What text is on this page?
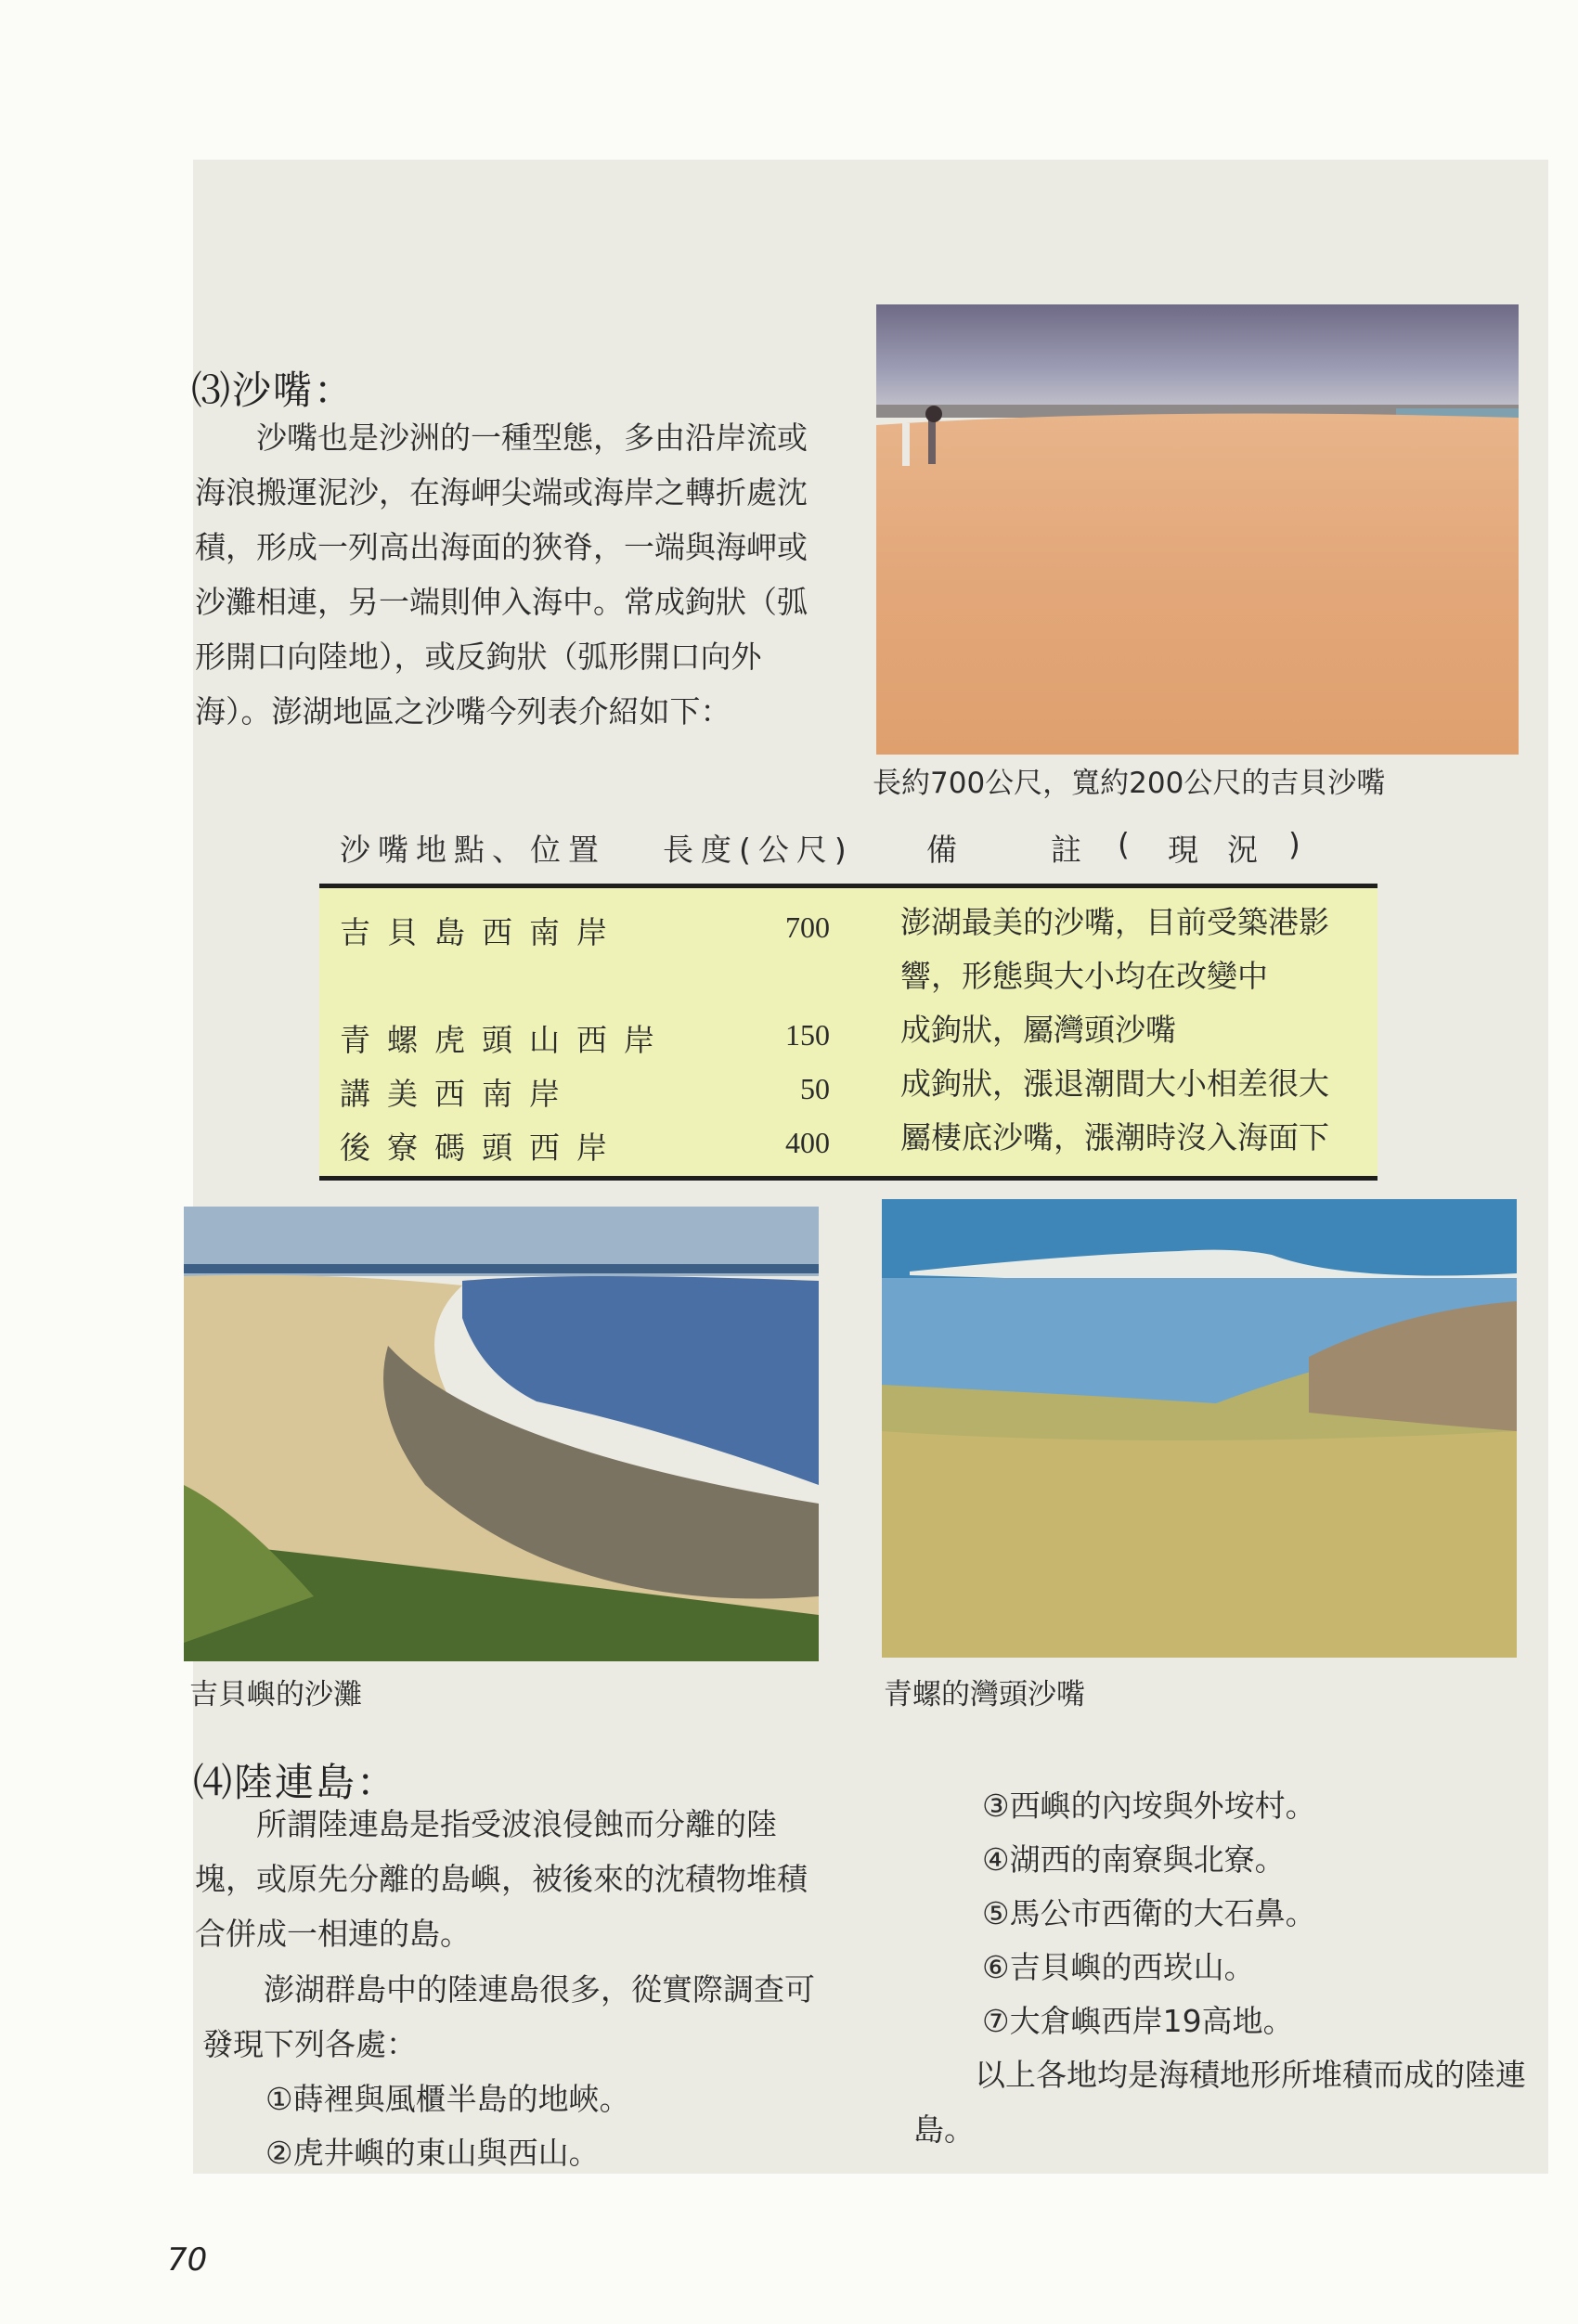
⑶沙嘴：
　　沙嘴也是沙洲的一種型態，多由沿岸流或海浪搬運泥沙，在海岬尖端或海岸之轉折處沈積，形成一列高出海面的狹脊，一端與海岬或沙灘相連，另一端則伸入海中。常成鉤狀（弧形開口向陸地），或反鉤狀（弧形開口向外海）。澎湖地區之沙嘴今列表介紹如下：
長約700公尺，寬約200公尺的吉貝沙嘴
沙嘴地點、位置 長度(公尺) 備	註 ( 現 況 )
吉貝島西南岸	700 澎湖最美的沙嘴，目前受築港影響，形態與大小均在改變中
青螺虎頭山西岸	150 成鉤狀，屬灣頭沙嘴
講美西南岸	50 成鉤狀，漲退潮間大小相差很大
後寮碼頭西岸	400 屬棲底沙嘴，漲潮時沒入海面下
吉貝嶼的沙灘	青螺的灣頭沙嘴
⑷陸連島：
　　所謂陸連島是指受波浪侵蝕而分離的陸塊，或原先分離的島嶼，被後來的沈積物堆積合併成一相連的島。
　　澎湖群島中的陸連島很多，從實際調查可發現下列各處：
①蒔裡與風櫃半島的地峽。
②虎井嶼的東山與西山。
③西嶼的內垵與外垵村。
④湖西的南寮與北寮。
⑤馬公市西衛的大石鼻。
⑥吉貝嶼的西崁山。
⑦大倉嶼西岸19高地。
　　以上各地均是海積地形所堆積而成的陸連島。
70
